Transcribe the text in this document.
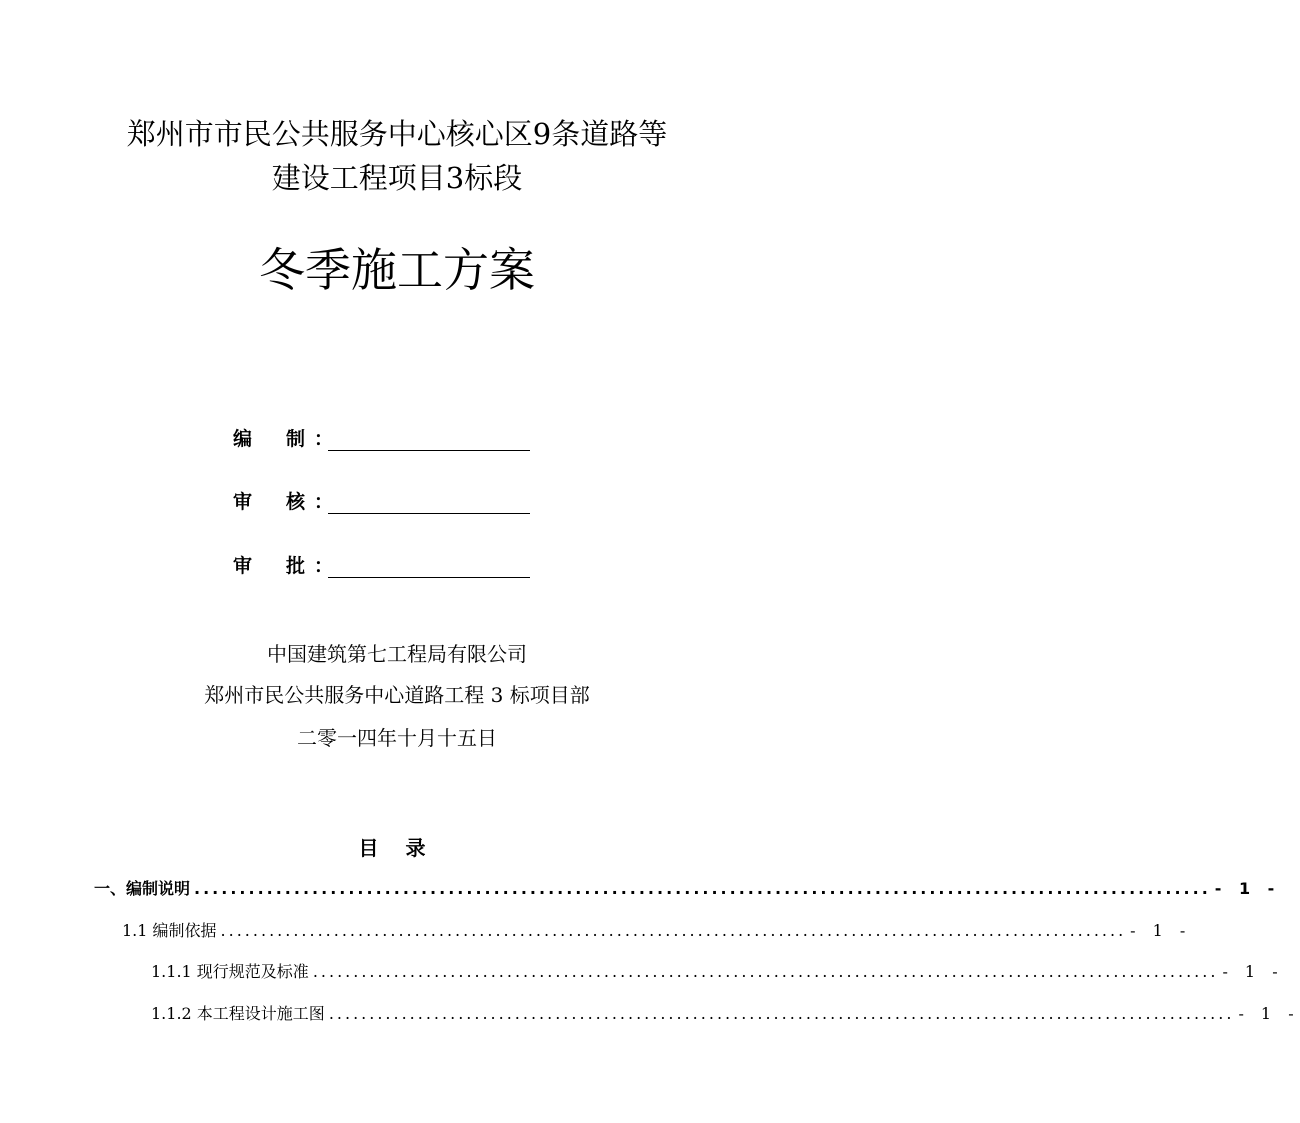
郑州市市民公共服务中心核心区9条道路等
建设工程项目3标段
冬季施工方案
编	制 ：
审	核 ：
审	批 ：
中国建筑第七工程局有限公司
郑州市民公共服务中心道路工程 3 标项目部
二零一四年十月十五日
目 录
一、编制说明 ................................................................................................................ - 1 -
1.1 编制依据 ................................................................................................................ - 1 -
1.1.1 现行规范及标准 ................................................................................................................ - 1 -
1.1.2 本工程设计施工图 ................................................................................................................ - 1 -
